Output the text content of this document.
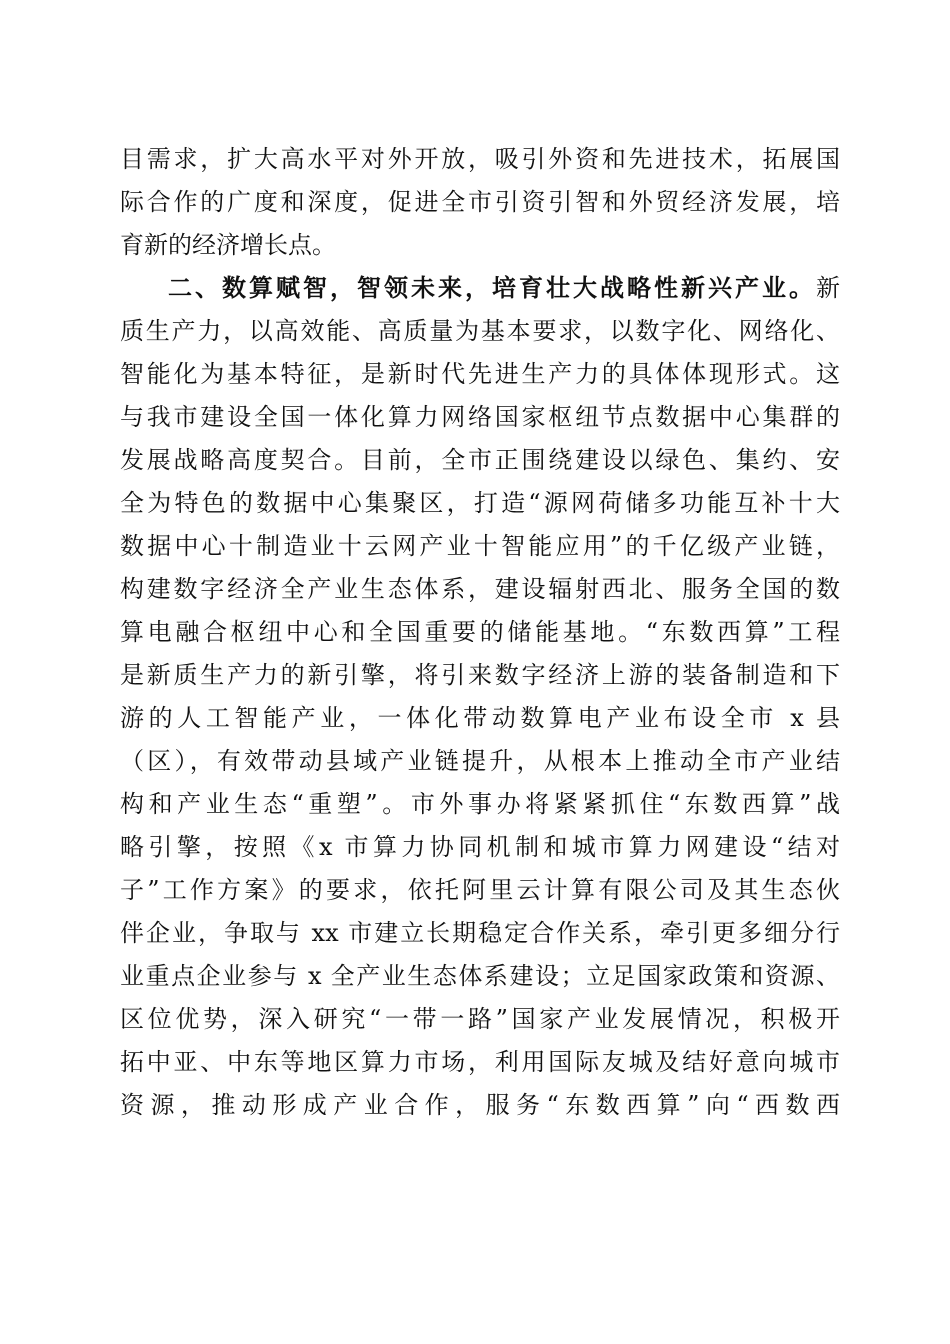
目需求，扩大高水平对外开放，吸引外资和先进技术，拓展国
际合作的广度和深度，促进全市引资引智和外贸经济发展，培
育新的经济增长点。
二、数算赋智，智领未来，培育壮大战略性新兴产业。新
质生产力，以高效能、高质量为基本要求，以数字化、网络化、
智能化为基本特征，是新时代先进生产力的具体体现形式。这
与我市建设全国一体化算力网络国家枢纽节点数据中心集群的
发展战略高度契合。目前，全市正围绕建设以绿色、集约、安
全为特色的数据中心集聚区，打造“源网荷储多功能互补十大
数据中心十制造业十云网产业十智能应用”的千亿级产业链，
构建数字经济全产业生态体系，建设辐射西北、服务全国的数
算电融合枢纽中心和全国重要的储能基地。“东数西算”工程
是新质生产力的新引擎，将引来数字经济上游的装备制造和下
游的人工智能产业，一体化带动数算电产业布设全市 x 县
（区），有效带动县域产业链提升，从根本上推动全市产业结
构和产业生态“重塑”。市外事办将紧紧抓住“东数西算”战
略引擎，按照《x 市算力协同机制和城市算力网建设“结对
子”工作方案》的要求，依托阿里云计算有限公司及其生态伙
伴企业，争取与 xx 市建立长期稳定合作关系，牵引更多细分行
业重点企业参与 x 全产业生态体系建设；立足国家政策和资源、
区位优势，深入研究“一带一路”国家产业发展情况，积极开
拓中亚、中东等地区算力市场，利用国际友城及结好意向城市
资源，推动形成产业合作，服务“东数西算”向“西数西
